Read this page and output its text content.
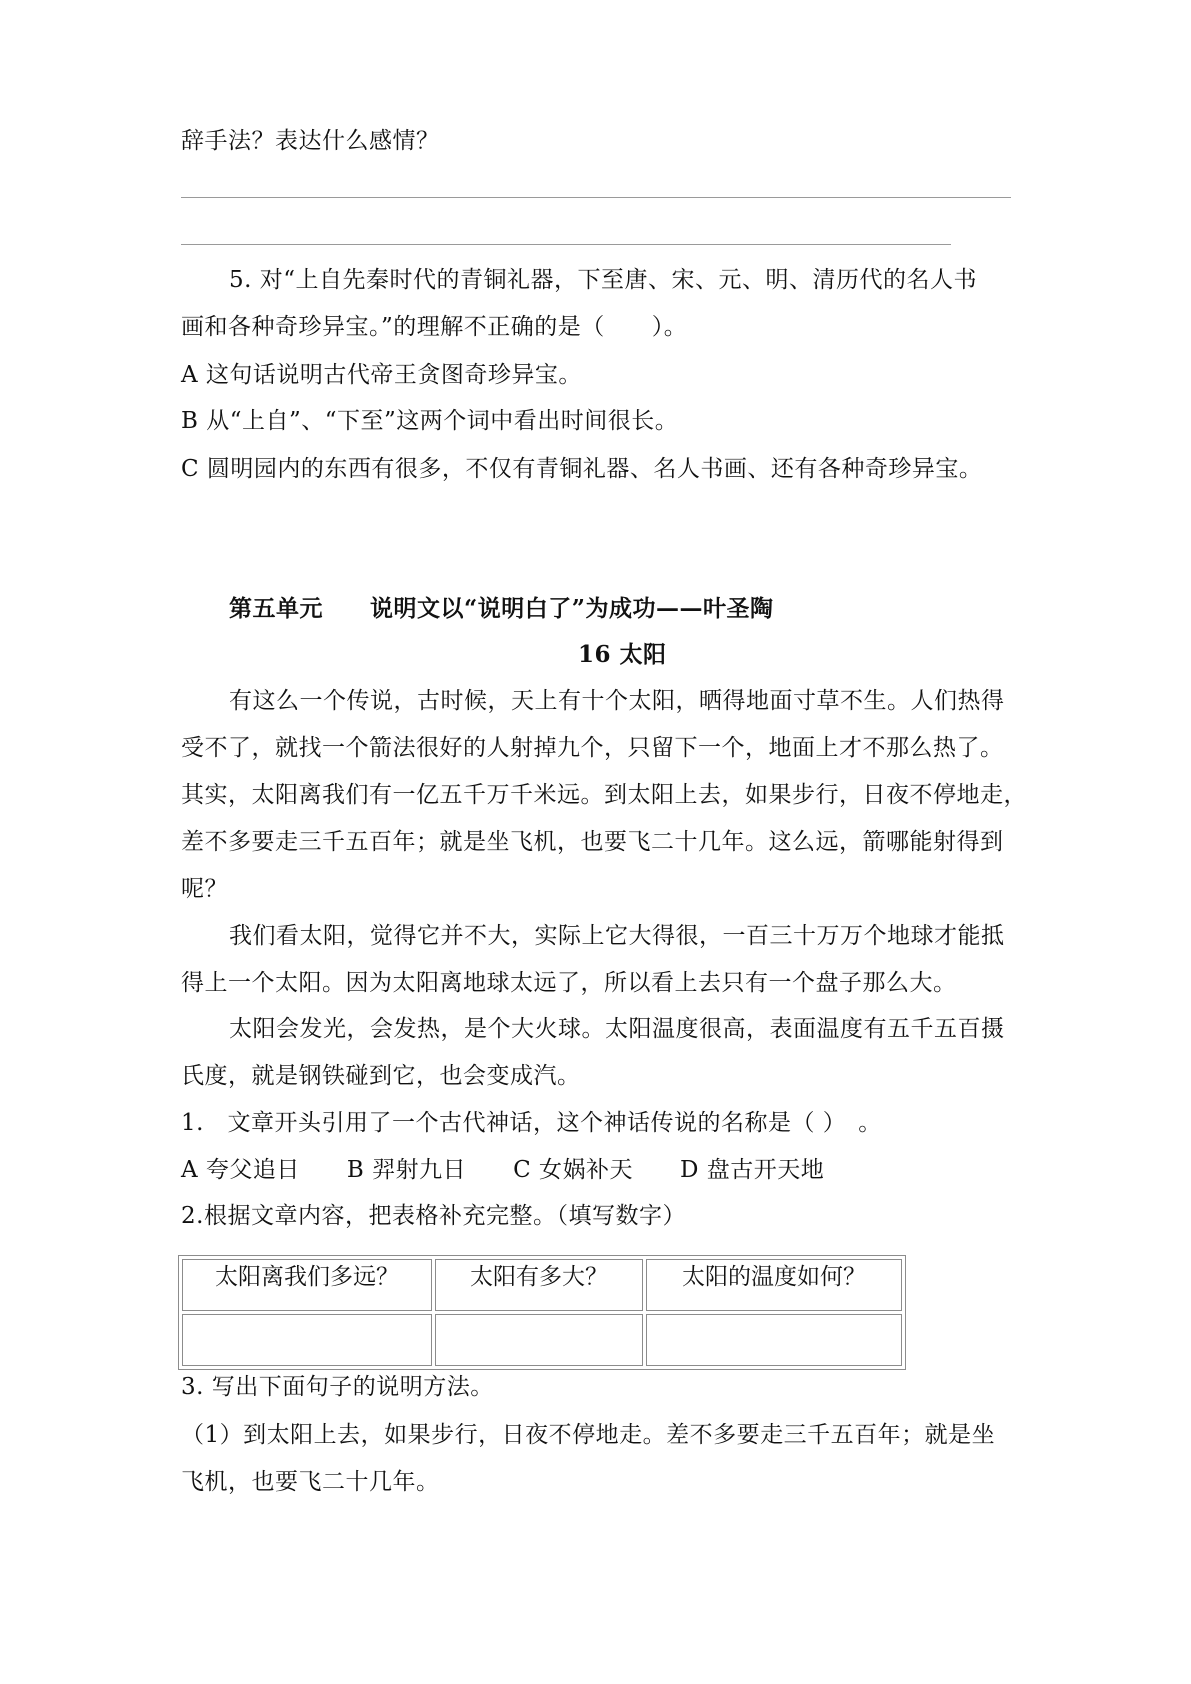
辞手法？表达什么感情？
5. 对“上自先秦时代的青铜礼器，下至唐、宋、元、明、清历代的名人书
画和各种奇珍异宝。”的理解不正确的是（　　）。
A 这句话说明古代帝王贪图奇珍异宝。
B 从“上自”、“下至”这两个词中看出时间很长。
C 圆明园内的东西有很多，不仅有青铜礼器、名人书画、还有各种奇珍异宝。
第五单元　　说明文以“说明白了”为成功——叶圣陶
16 太阳
有这么一个传说，古时候，天上有十个太阳，晒得地面寸草不生。人们热得
受不了，就找一个箭法很好的人射掉九个，只留下一个，地面上才不那么热了。
其实，太阳离我们有一亿五千万千米远。到太阳上去，如果步行，日夜不停地走，
差不多要走三千五百年；就是坐飞机，也要飞二十几年。这么远，箭哪能射得到
呢？
我们看太阳，觉得它并不大，实际上它大得很，一百三十万万个地球才能抵
得上一个太阳。因为太阳离地球太远了，所以看上去只有一个盘子那么大。
太阳会发光，会发热，是个大火球。太阳温度很高，表面温度有五千五百摄
氏度，就是钢铁碰到它，也会变成汽。
1.　文章开头引用了一个古代神话，这个神话传说的名称是（ ）　。
A 夸父追日　　B 羿射九日　　C 女娲补天　　D 盘古开天地
2.根据文章内容，把表格补充完整。（填写数字）
太阳离我们多远？	太阳有多大？	太阳的温度如何？

3. 写出下面句子的说明方法。
（1）到太阳上去，如果步行，日夜不停地走。差不多要走三千五百年；就是坐
飞机，也要飞二十几年。
